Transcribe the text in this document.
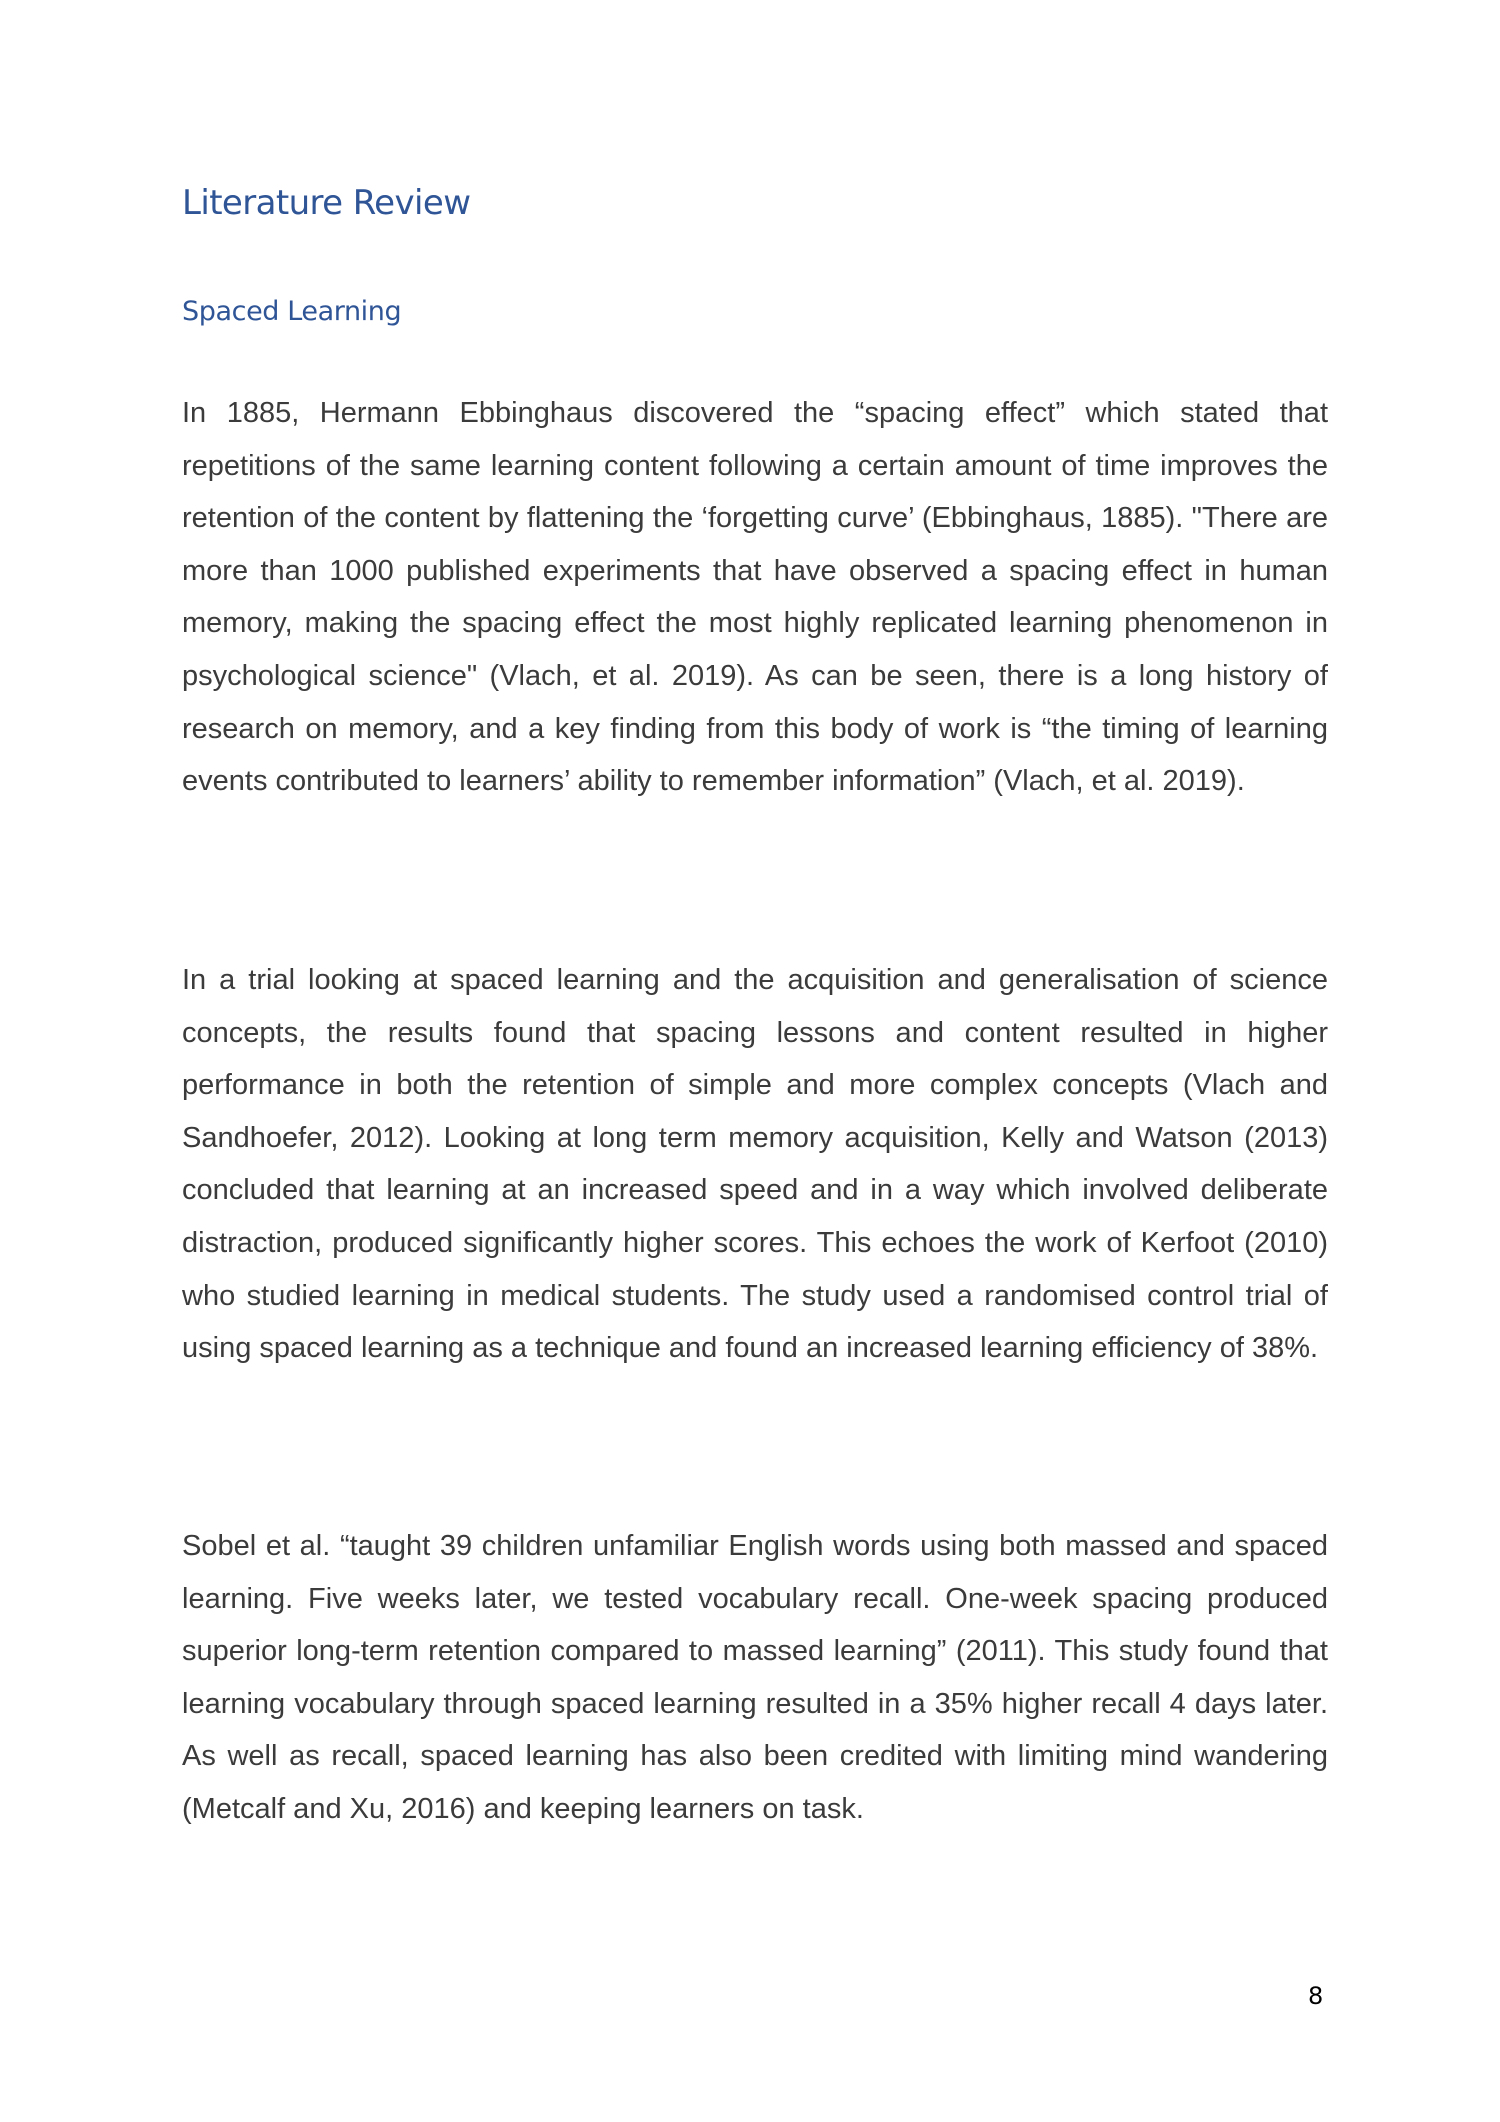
Literature Review
Spaced Learning

In 1885, Hermann Ebbinghaus discovered the “spacing effect” which stated that repetitions of the same learning content following a certain amount of time improves the retention of the content by flattening the ‘forgetting curve’ (Ebbinghaus, 1885). "There are more than 1000 published experiments that have observed a spacing effect in human memory, making the spacing effect the most highly replicated learning phenomenon in psychological science" (Vlach, et al. 2019). As can be seen, there is a long history of research on memory, and a key finding from this body of work is “the timing of learning events contributed to learners’ ability to remember information” (Vlach, et al. 2019).

In a trial looking at spaced learning and the acquisition and generalisation of science concepts, the results found that spacing lessons and content resulted in higher performance in both the retention of simple and more complex concepts (Vlach and Sandhoefer, 2012). Looking at long term memory acquisition, Kelly and Watson (2013) concluded that learning at an increased speed and in a way which involved deliberate distraction, produced significantly higher scores. This echoes the work of Kerfoot (2010) who studied learning in medical students. The study used a randomised control trial of using spaced learning as a technique and found an increased learning efficiency of 38%.

Sobel et al. “taught 39 children unfamiliar English words using both massed and spaced learning. Five weeks later, we tested vocabulary recall. One-week spacing produced superior long-term retention compared to massed learning” (2011). This study found that learning vocabulary through spaced learning resulted in a 35% higher recall 4 days later. As well as recall, spaced learning has also been credited with limiting mind wandering (Metcalf and Xu, 2016) and keeping learners on task.

8
